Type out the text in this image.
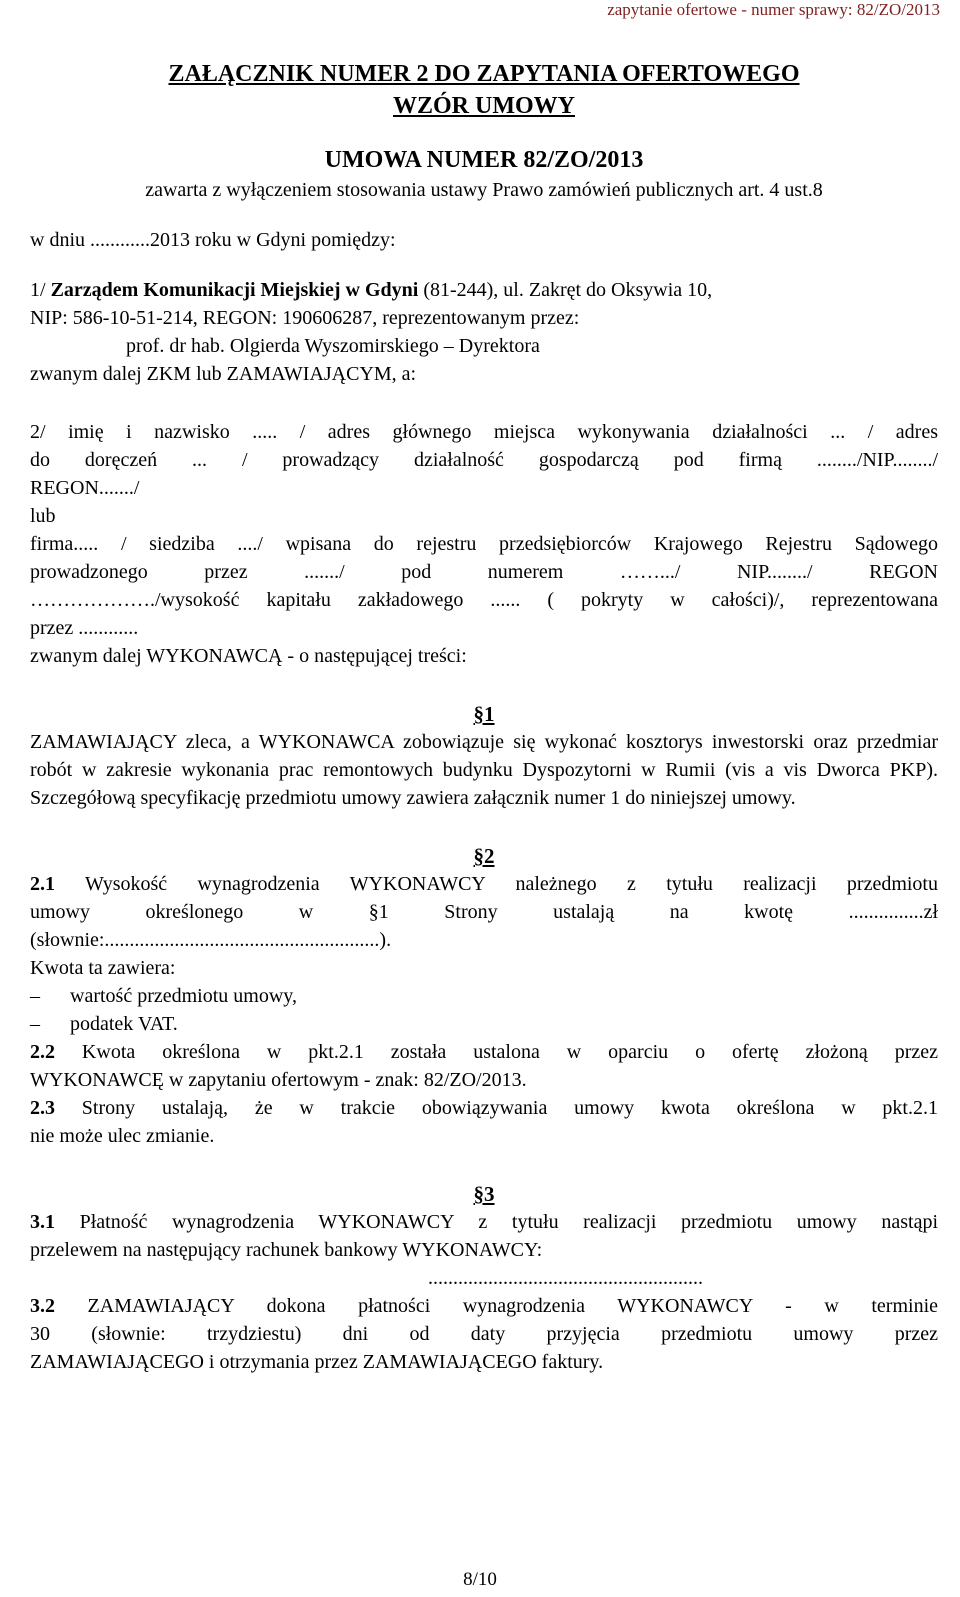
zapytanie ofertowe - numer sprawy: 82/ZO/2013
ZAŁĄCZNIK NUMER 2 DO ZAPYTANIA OFERTOWEGO
WZÓR UMOWY
UMOWA NUMER 82/ZO/2013
zawarta z wyłączeniem stosowania ustawy Prawo zamówień publicznych art. 4 ust.8

w dniu ............2013 roku w Gdyni pomiędzy:

1/ Zarządem Komunikacji Miejskiej w Gdyni (81-244), ul. Zakręt do Oksywia 10,

NIP: 586-10-51-214, REGON: 190606287, reprezentowanym przez:

prof. dr hab. Olgierda Wyszomirskiego – Dyrektora

zwanym dalej ZKM lub ZAMAWIAJĄCYM, a:

2/ imię i nazwisko ..... / adres głównego miejsca wykonywania działalności ... / adres

do doręczeń ... / prowadzący działalność gospodarczą pod firmą ......../NIP......../

REGON......./

lub

firma..... / siedziba ..../ wpisana do rejestru przedsiębiorców Krajowego Rejestru Sądowego

prowadzonego przez ......./ pod numerem …….../ NIP......../ REGON

………………./wysokość kapitału zakładowego ...... ( pokryty w całości)/, reprezentowana

przez ............

zwanym dalej WYKONAWCĄ - o następującej treści:

§1

ZAMAWIAJĄCY zleca, a WYKONAWCA zobowiązuje się wykonać kosztorys inwestorski oraz przedmiar robót w zakresie wykonania prac remontowych budynku Dyspozytorni w Rumii (vis a vis Dworca PKP). Szczegółową specyfikację przedmiotu umowy zawiera załącznik numer 1 do niniejszej umowy.

§2

2.1 Wysokość wynagrodzenia WYKONAWCY należnego z tytułu realizacji przedmiotu

umowy określonego w §1 Strony ustalają na kwotę ...............zł

(słownie:.......................................................).

Kwota ta zawiera:

–	wartość przedmiotu umowy,
–	podatek VAT.

2.2 Kwota określona w pkt.2.1 została ustalona w oparciu o ofertę złożoną przez

WYKONAWCĘ w zapytaniu ofertowym - znak: 82/ZO/2013.

2.3 Strony ustalają, że w trakcie obowiązywania umowy kwota określona w pkt.2.1

nie może ulec zmianie.

§3

3.1 Płatność wynagrodzenia WYKONAWCY z tytułu realizacji przedmiotu umowy nastąpi

przelewem na następujący rachunek bankowy WYKONAWCY:

.......................................................

3.2 ZAMAWIAJĄCY dokona płatności wynagrodzenia WYKONAWCY - w terminie

30 (słownie: trzydziestu) dni od daty przyjęcia przedmiotu umowy przez

ZAMAWIAJĄCEGO i otrzymania przez ZAMAWIAJĄCEGO faktury.

8/10
